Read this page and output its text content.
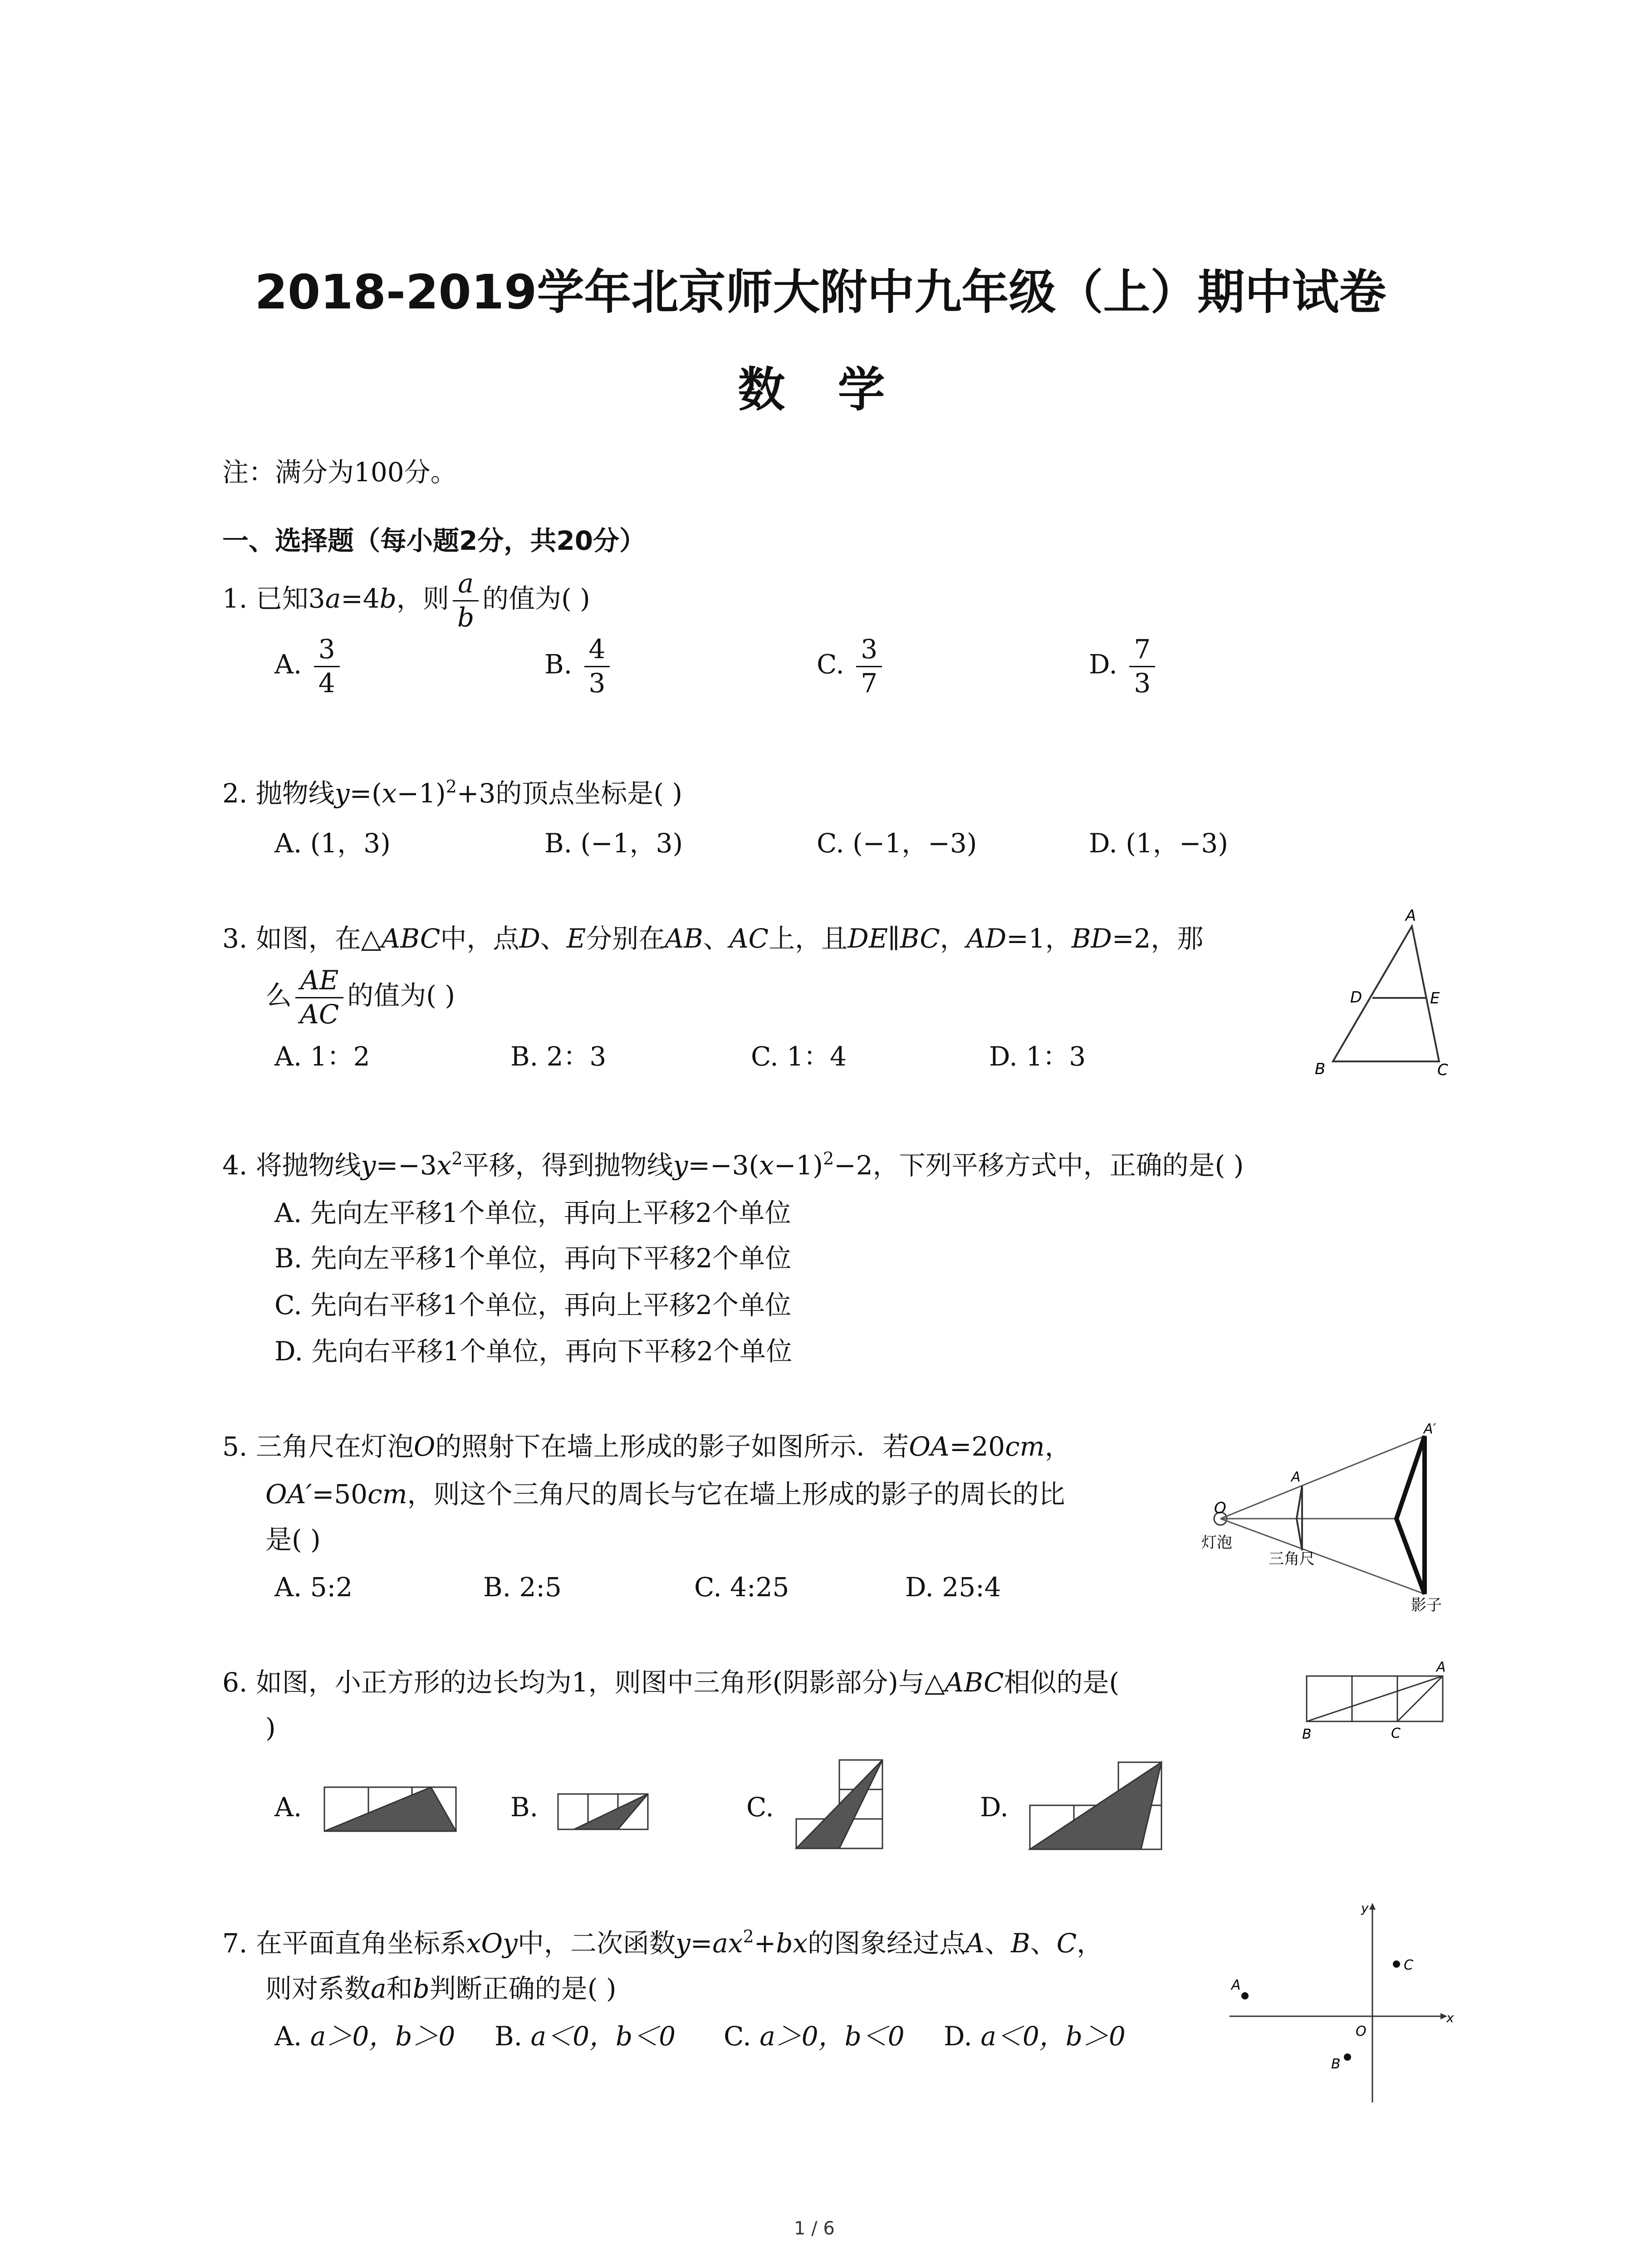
2018-2019学年北京师大附中九年级（上）期中试卷
数 学
注：满分为100分。
一、选择题（每小题2分，共20分）
1. 已知3a=4b，则 $\frac{a}{b}$ 的值为( )
A. $\frac{3}{4}$	B. $\frac{4}{3}$	C. $\frac{3}{7}$	D. $\frac{7}{3}$
2. 抛物线$y=(x-1)^2+3$的顶点坐标是( )
A. (1，3)	B. (−1，3)	C. (−1，−3)	D. (1，−3)
3. 如图，在△ABC中，点D、E分别在AB、AC上，且DE∥BC，AD=1，BD=2，那
么 $\frac{AE}{AC}$ 的值为( )
A. 1：2	B. 2：3	C. 1：4	D. 1：3
A
B	C
D	E
4. 将抛物线$y=-3x^2$平移，得到抛物线$y=-3(x-1)^2-2$，下列平移方式中，正确的是( )
A. 先向左平移1个单位，再向上平移2个单位
B. 先向左平移1个单位，再向下平移2个单位
C. 先向右平移1个单位，再向上平移2个单位
D. 先向右平移1个单位，再向下平移2个单位
5. 三角尺在灯泡O的照射下在墙上形成的影子如图所示．若OA=20cm，
OA′=50cm，则这个三角尺的周长与它在墙上形成的影子的周长的比
是( )
A. 5:2	B. 2:5	C. 4:25	D. 25:4
O
A
A′
灯泡
三角尺
影子
6. 如图，小正方形的边长均为1，则图中三角形(阴影部分)与△ABC相似的是(
)
A
B	C
A.	B.	C.	D.
7. 在平面直角坐标系xOy中，二次函数$y=ax^2+bx$的图象经过点A、B、C，
则对系数a和b判断正确的是( )
A. a＞0，b＞0 B. a＜0，b＜0 C. a＞0，b＜0 D. a＜0，b＞0
x
y
O
A
B
C
1 / 6
